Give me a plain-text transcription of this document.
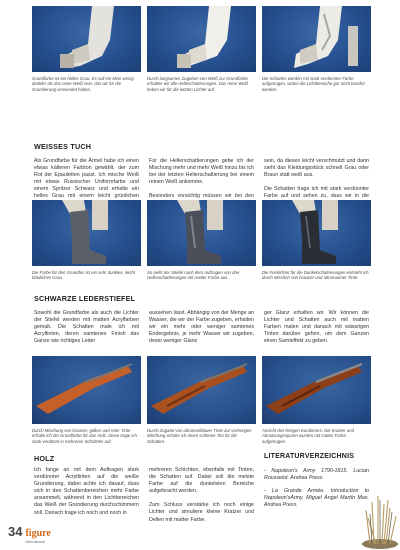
Grundfarbe ist ein helles Grau. Es soll ein klein wenig dunkler als das reine Weiß sein, das wir für die Grundierung verwendet haben.
Durch langsames Zugeben von Weiß zur Grundfarbe erhalten wir alle Helleschattierungen. Das reine Weiß heben wir für die letzten Lichter auf.
Die Schatten werden mit stark verdünnter Farbe aufgetragen, wobei die Lichtbereiche gar nicht berührt werden.
WEISSES TUCH

Als Grundfarbe für die Ärmel habe ich einen etwas kälteren Farbton gewählt, der zum Rot der Epauletten passt. Ich mische Weiß mit etwas Russischer Uniformfarbe und einem Spritzer Schwarz und erhalte ein helles Grau mit einem leicht grünlichen

Für die Hellerschattierungen gebe ich der Mischung mehr und mehr Weiß hinzu bis ich bei der letzten Hellerschattierung bei einem reinen Weiß ankomme.

Besonders vorsichtig müssen wir bei den

sein, da dieses leicht verschmutzt und dann sieht das Kleidungsstück schnell Grau oder Braun statt weiß aus.

Die Schatten trage ich mit stark verdünnter Farbe auf und sehen zu, dass wir in die

Die Farbe für den Grundton ist ein sehr dunkles, leicht bläuliches Grau.
So sieht der Stiefel nach dem Auftragen von drei Hellerschattierungen mit matter Farbe aus.
Die Feinlichter für die Dunkelschattierungen entsteht ich durch Mischen von brauner und ultramariner Tinte.
SCHWARZE LEDERSTIEFEL

Sowohl die Grundfarbe als auch die Lichter der Stiefel werden mit matten Acrylfarben gemalt. Die Schatten male ich mit Acryltinten, deren samtenes Finish das Ganze wie richtiges Leder

aussehen lässt. Abhängig von der Menge an Wasser, die wir der Farbe zugeben, erhalten wir ein mehr oder weniger samtenes Endergebnis, je mehr Wasser wir zugeben, desto weniger Glanz

ger Glanz erhalten wir. Wir können die Lichter und Schatten auch mit matten Farben malen und danach mit wässrigen Tinten darüber gehen, um dem Ganzen einen Samteffekt zu geben.

Durch Mischung von brauner, gelber und roter Tinte erhalte ich die Grundfarbe für das Holz. Diese trage ich stark verdünnt in mehreren Schichten auf.
Durch Zugabe von ultramariblauer Tinte zur vorherigen Mischung erhalte ich einen schönen Ton für die Schatten.
Ansicht des fertigen Karabiners. Die Kratzer und Abnutzungsspuren wurden mit matter Farbe aufgetragen.
HOLZ

Ich fange an mit dem Auftragen stark verdünnter Acryltinten auf die weiße Grundierung, dabei achte ich darauf, dass sich in den Schattenbereichen mehr Farbe ansammelt, während in den Lichtbereichen das Weiß der Grundierung durchschimmern soll. Danach trage ich noch und noch in

mehreren Schichten, ebenfalls mit Tinten, die Schatten auf. Dabei soll die meiste Farbe auf die dunkelsten Bereiche aufgebracht werden.

Zum Schluss verstärke ich noch einige Lichter und simuliere kleine Kratzer und Dellen mit matter Farbe.

LITERATURVERZEICHNIS

- Napoleon's Army 1790-1815. Lucian Rousselot. Andrea Press.

- La Grande Armée. Introduction to Napoleon'sArmy. Miguel Ángel Martín Mas. Andrea Press.

34 figure
International
